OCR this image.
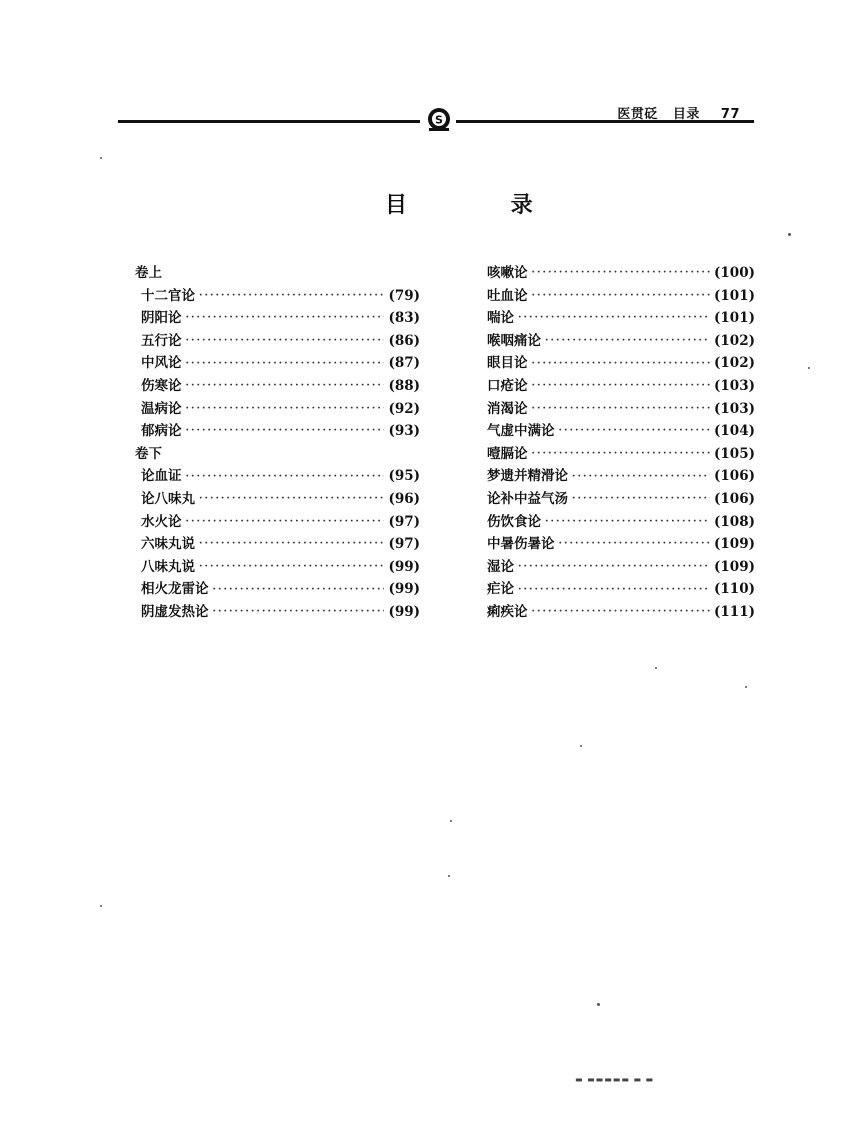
S	医贯砭 目录 77
目 录
卷上
十二官论 ·····	(79)
阴阳论 ·····	(83)
五行论 ·····	(86)
中风论 ·····	(87)
伤寒论 ·····	(88)
温病论 ·····	(92)
郁病论 ·····	(93)
卷下
论血证 ·····	(95)
论八味丸 ·····	(96)
水火论 ·····	(97)
六味丸说 ·····	(97)
八味丸说 ·····	(99)
相火龙雷论 ·····	(99)
阴虚发热论 ·····	(99)
咳嗽论 ·····	(100)
吐血论 ·····	(101)
喘论 ·····	(101)
喉咽痛论 ·····	(102)
眼目论 ·····	(102)
口疮论 ·····	(103)
消渴论 ·····	(103)
气虚中满论 ·····	(104)
噎膈论 ·····	(105)
梦遗并精滑论 ·····	(106)
论补中益气汤 ·····	(106)
伤饮食论 ·····	(108)
中暑伤暑论 ·····	(109)
湿论 ·····	(109)
疟论 ·····	(110)
痢疾论 ·····	(111)
▬ ▬▬▬▬▬ ▬ ▬
